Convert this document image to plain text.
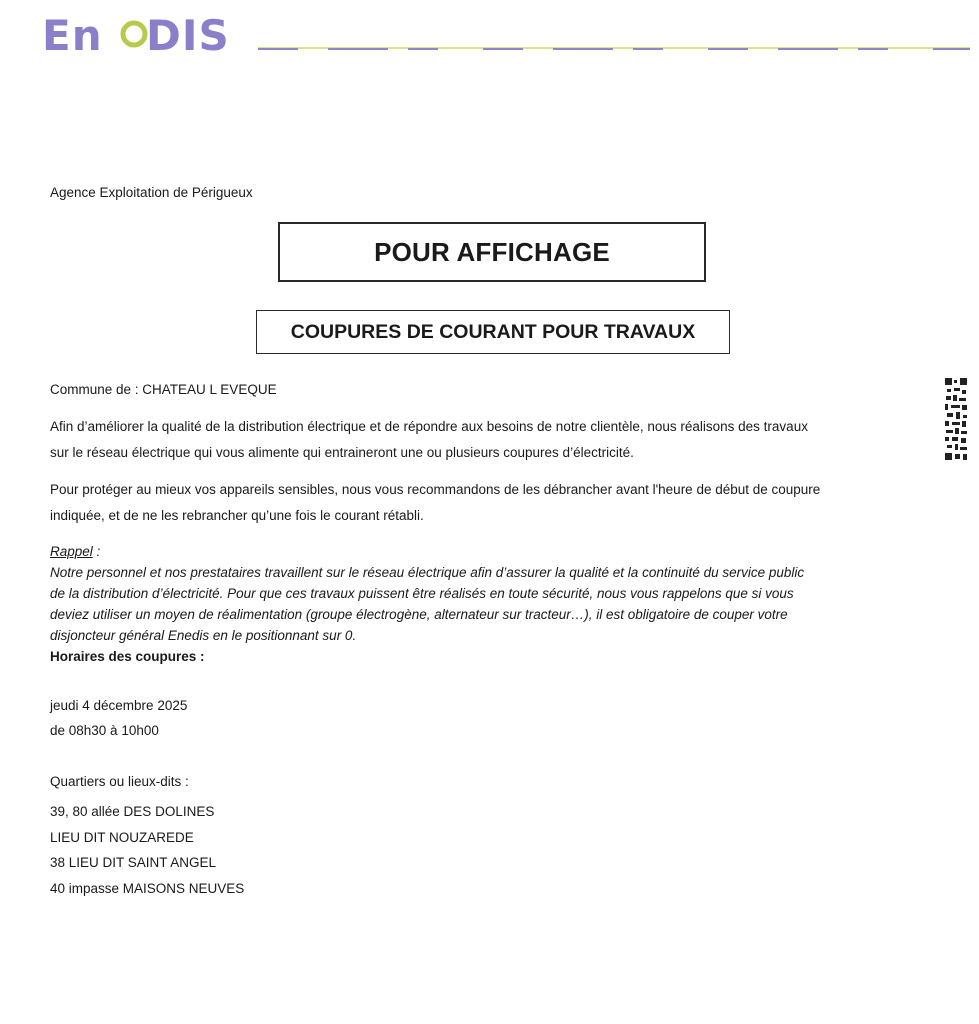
En DIS
Agence Exploitation de Périgueux
POUR AFFICHAGE
COUPURES DE COURANT POUR TRAVAUX
Commune de : CHATEAU L EVEQUE
Afin d’améliorer la qualité de la distribution électrique et de répondre aux besoins de notre clientèle, nous réalisons des travaux
sur le réseau électrique qui vous alimente qui entraineront une ou plusieurs coupures d’électricité.
Pour protéger au mieux vos appareils sensibles, nous vous recommandons de les débrancher avant l'heure de début de coupure
indiquée, et de ne les rebrancher qu’une fois le courant rétabli.
Rappel :
Notre personnel et nos prestataires travaillent sur le réseau électrique afin d’assurer la qualité et la continuité du service public
de la distribution d’électricité. Pour que ces travaux puissent être réalisés en toute sécurité, nous vous rappelons que si vous
deviez utiliser un moyen de réalimentation (groupe électrogène, alternateur sur tracteur…), il est obligatoire de couper votre
disjoncteur général Enedis en le positionnant sur 0.
Horaires des coupures :
jeudi 4 décembre 2025
de 08h30 à 10h00
Quartiers ou lieux-dits :
39, 80 allée DES DOLINES
LIEU DIT NOUZAREDE
38 LIEU DIT SAINT ANGEL
40 impasse MAISONS NEUVES
